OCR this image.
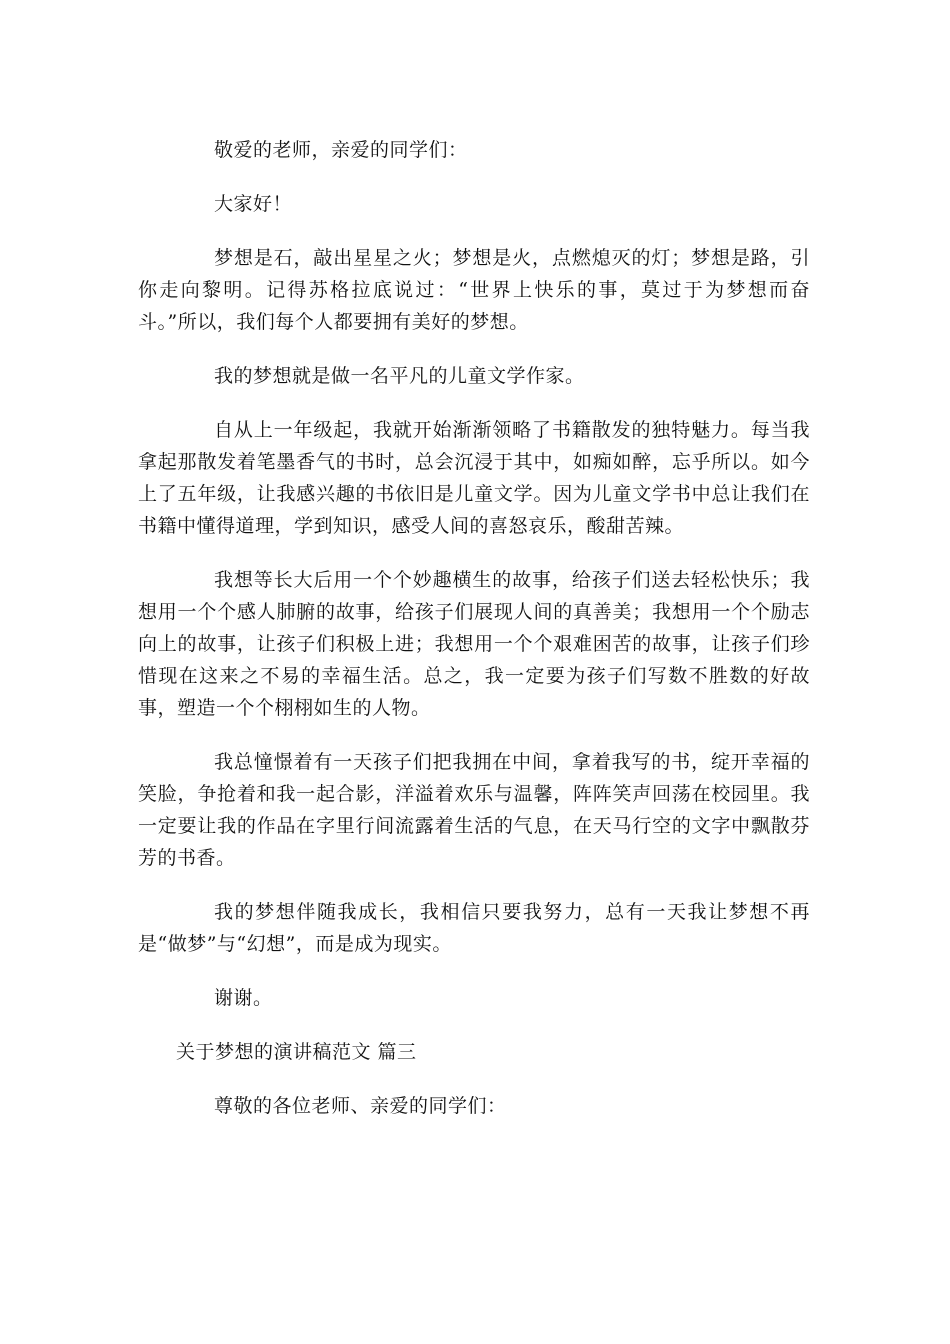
敬爱的老师，亲爱的同学们：

大家好！

梦想是石，敲出星星之火；梦想是火，点燃熄灭的灯；梦想是路，引你走向黎明。记得苏格拉底说过：“世界上快乐的事，莫过于为梦想而奋斗。”所以，我们每个人都要拥有美好的梦想。

我的梦想就是做一名平凡的儿童文学作家。

自从上一年级起，我就开始渐渐领略了书籍散发的独特魅力。每当我拿起那散发着笔墨香气的书时，总会沉浸于其中，如痴如醉，忘乎所以。如今上了五年级，让我感兴趣的书依旧是儿童文学。因为儿童文学书中总让我们在书籍中懂得道理，学到知识，感受人间的喜怒哀乐，酸甜苦辣。

我想等长大后用一个个妙趣横生的故事，给孩子们送去轻松快乐；我想用一个个感人肺腑的故事，给孩子们展现人间的真善美；我想用一个个励志向上的故事，让孩子们积极上进；我想用一个个艰难困苦的故事，让孩子们珍惜现在这来之不易的幸福生活。总之，我一定要为孩子们写数不胜数的好故事，塑造一个个栩栩如生的人物。

我总憧憬着有一天孩子们把我拥在中间，拿着我写的书，绽开幸福的笑脸，争抢着和我一起合影，洋溢着欢乐与温馨，阵阵笑声回荡在校园里。我一定要让我的作品在字里行间流露着生活的气息，在天马行空的文字中飘散芬芳的书香。

我的梦想伴随我成长，我相信只要我努力，总有一天我让梦想不再是“做梦”与“幻想”，而是成为现实。

谢谢。

关于梦想的演讲稿范文 篇三

尊敬的各位老师、亲爱的同学们：
